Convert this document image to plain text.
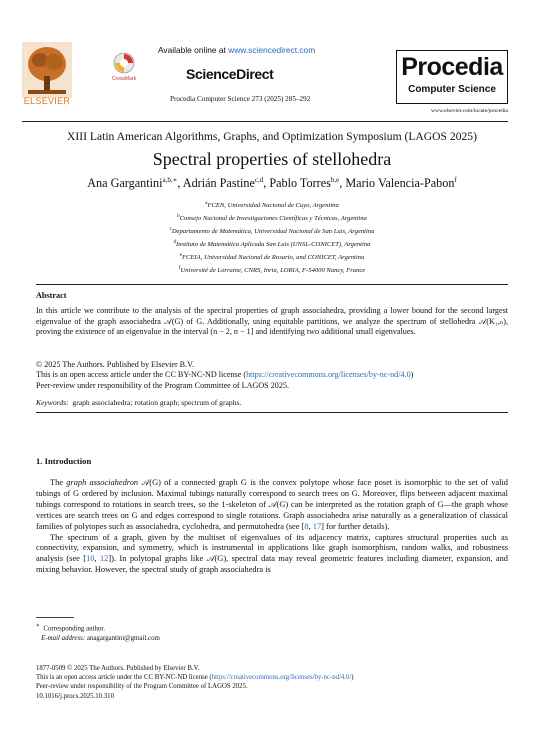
ELSEVIER
CrossMark
Available online at www.sciencedirect.com
ScienceDirect
Procedia Computer Science 273 (2025) 285–292
Procedia
Computer Science
www.elsevier.com/locate/procedia
XIII Latin American Algorithms, Graphs, and Optimization Symposium (LAGOS 2025)
Spectral properties of stellohedra
Ana Gargantini$^{a,b,∗}$, Adrián Pastine$^{c,d}$, Pablo Torres$^{b,e}$, Mario Valencia-Pabon$^f$
$^a$FCEN, Universidad Nacional de Cuyo, Argentina
$^b$Consejo Nacional de Investigaciones Científicas y Técnicas, Argentina
$^c$Departamento de Matemática, Universidad Nacional de San Luis, Argentina
$^d$Instituto de Matemática Aplicada San Luis (UNSL-CONICET), Argentina
$^e$FCEIA, Universidad Nacional de Rosario, and CONICET, Argentina
$^f$Université de Lorraine, CNRS, Inria, LORIA, F-54000 Nancy, France
Abstract
In this article we contribute to the analysis of the spectral properties of graph associahedra, providing a lower bound for the second largest eigenvalue of the graph associahedra 𝒜(G) of G. Additionally, using equitable partitions, we analyze the spectrum of stellohedra 𝒜(K₁,ₙ), proving the existence of an eigenvalue in the interval (n − 2, n − 1] and identifying two additional small eigenvalues.
© 2025 The Authors. Published by Elsevier B.V.
This is an open access article under the CC BY-NC-ND license (https://creativecommons.org/licenses/by-nc-nd/4.0)
Peer-review under responsibility of the Program Committee of LAGOS 2025.
Keywords: graph associahedra; rotation graph; spectrum of graphs.
1. Introduction

The graph associahedron 𝒜(G) of a connected graph G is the convex polytope whose face poset is isomorphic to the set of valid tubings of G ordered by inclusion. Maximal tubings naturally correspond to search trees on G. Moreover, flips between adjacent maximal tubings correspond to rotations in search trees, so the 1-skeleton of 𝒜(G) can be interpreted as the rotation graph of G—the graph whose vertices are search trees on G and edges correspond to single rotations. Graph associahedra arise naturally as a generalization of classical families of polytopes such as associahedra, cyclohedra, and permutohedra (see [8, 17] for further details).

The spectrum of a graph, given by the multiset of eigenvalues of its adjacency matrix, captures structural properties such as connectivity, expansion, and symmetry, which is instrumental in applications like graph isomorphism, random walks, and robustness analysis (see [10, 12]). In polytopal graphs like 𝒜(G), spectral data may reveal geometric features including diameter, expansion, and mixing behavior. However, the spectral study of graph associahedra is

∗ Corresponding author.
E-mail address: anagargantini@gmail.com
1877-0509 © 2025 The Authors. Published by Elsevier B.V.
This is an open access article under the CC BY-NC-ND license (https://creativecommons.org/licenses/by-nc-nd/4.0/)
Peer-review under responsibility of the Program Committee of LAGOS 2025.
10.1016/j.procs.2025.10.310
